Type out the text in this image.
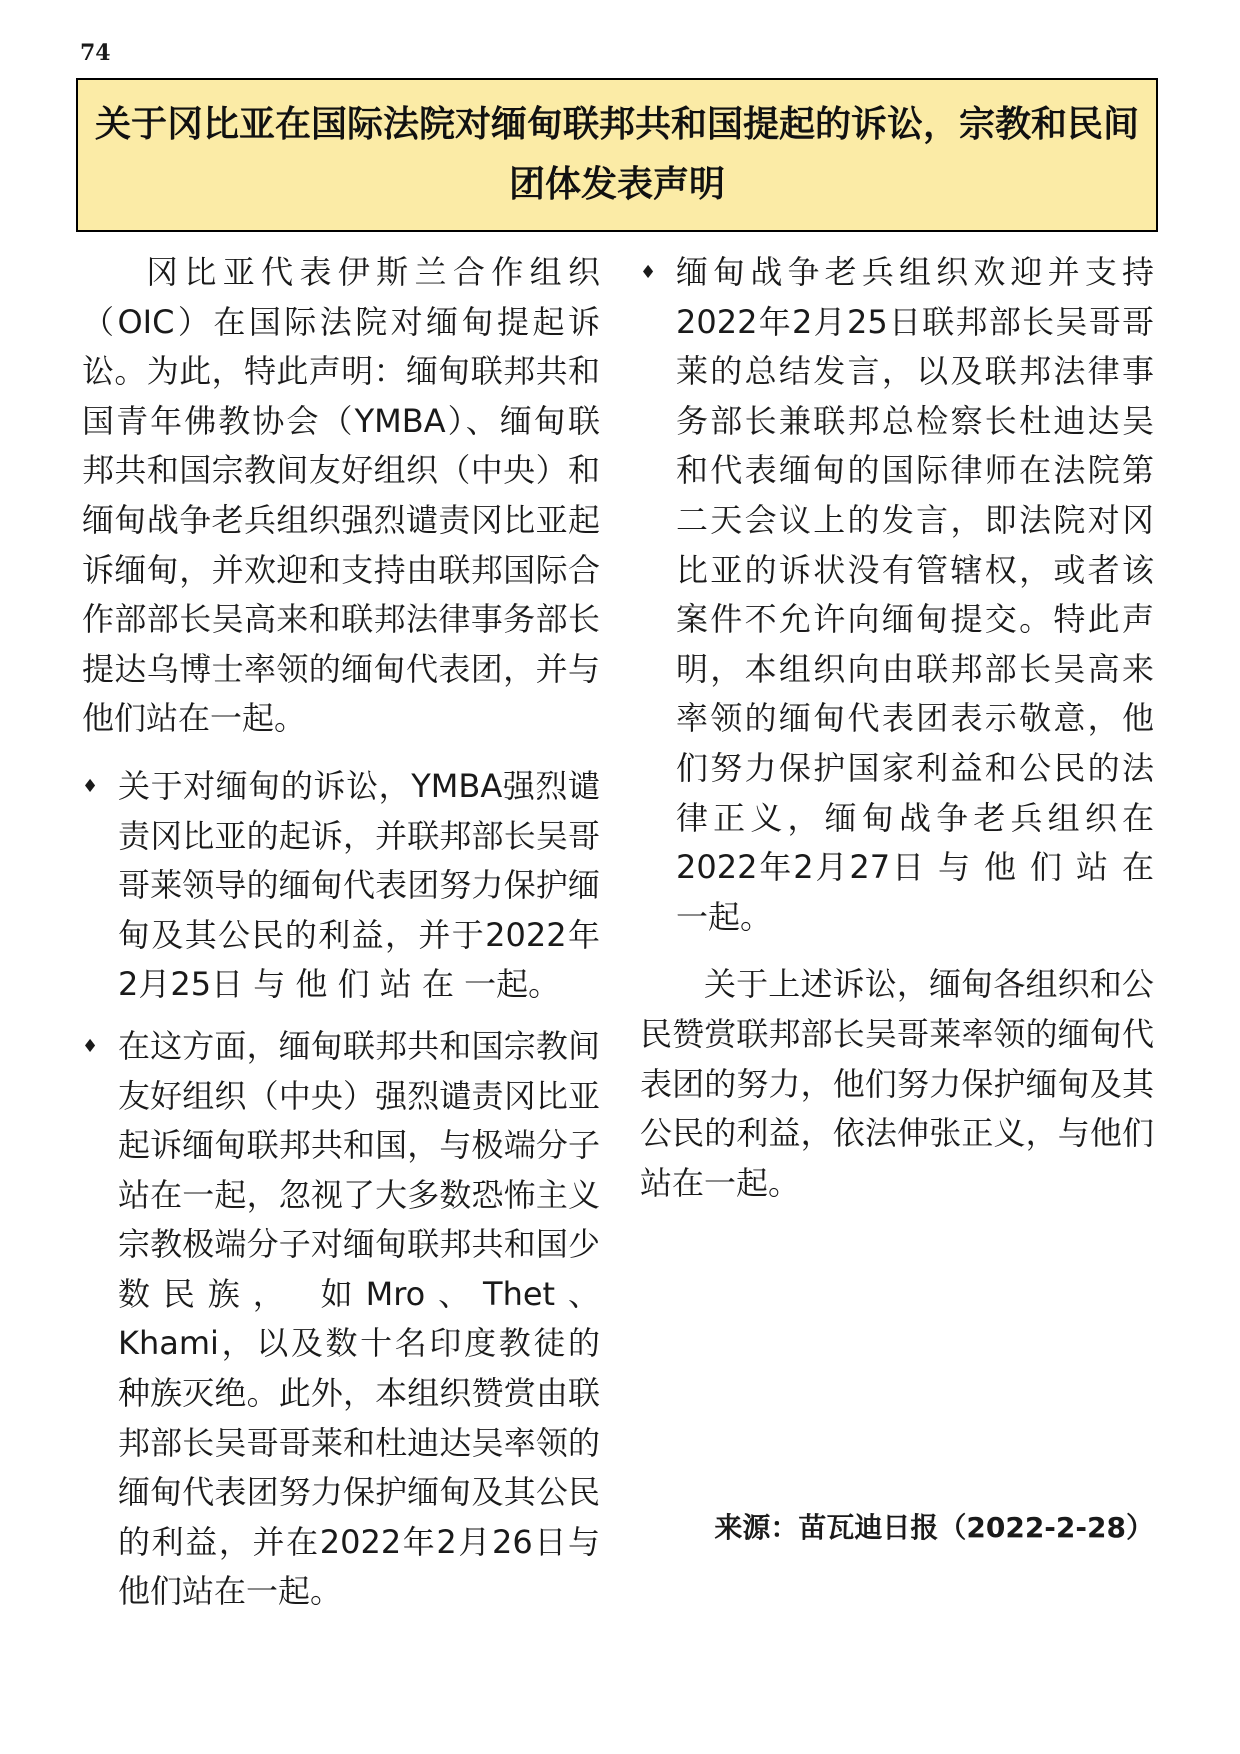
74
关于冈比亚在国际法院对缅甸联邦共和国提起的诉讼，宗教和民间团体发表声明

冈比亚代表伊斯兰合作组织（OIC）在国际法院对缅甸提起诉讼。为此，特此声明：缅甸联邦共和国青年佛教协会（YMBA）、缅甸联邦共和国宗教间友好组织（中央）和缅甸战争老兵组织强烈谴责冈比亚起诉缅甸，并欢迎和支持由联邦国际合作部部长吴高来和联邦法律事务部长提达乌博士率领的缅甸代表团，并与他们站在一起。

♦ 关于对缅甸的诉讼，YMBA强烈谴责冈比亚的起诉，并联邦部长吴哥哥莱领导的缅甸代表团努力保护缅甸及其公民的利益，并于2022年2月25日 与 他 们 站 在 一起。

♦ 在这方面，缅甸联邦共和国宗教间友好组织（中央）强烈谴责冈比亚起诉缅甸联邦共和国，与极端分子站在一起，忽视了大多数恐怖主义宗教极端分子对缅甸联邦共和国少数民族， 如Mro、Thet、Khami，以及数十名印度教徒的种族灭绝。此外，本组织赞赏由联邦部长吴哥哥莱和杜迪达吴率领的缅甸代表团努力保护缅甸及其公民的利益，并在2022年2月26日与他们站在一起。

♦ 缅甸战争老兵组织欢迎并支持2022年2月25日联邦部长吴哥哥莱的总结发言，以及联邦法律事务部长兼联邦总检察长杜迪达吴和代表缅甸的国际律师在法院第二天会议上的发言，即法院对冈比亚的诉状没有管辖权，或者该案件不允许向缅甸提交。特此声明，本组织向由联邦部长吴高来率领的缅甸代表团表示敬意，他们努力保护国家利益和公民的法律正义，缅甸战争老兵组织在2022年2月27日 与 他 们 站 在 一起。

关于上述诉讼，缅甸各组织和公民赞赏联邦部长吴哥莱率领的缅甸代表团的努力，他们努力保护缅甸及其公民的利益，依法伸张正义，与他们站在一起。

来源：苗瓦迪日报（2022-2-28）
